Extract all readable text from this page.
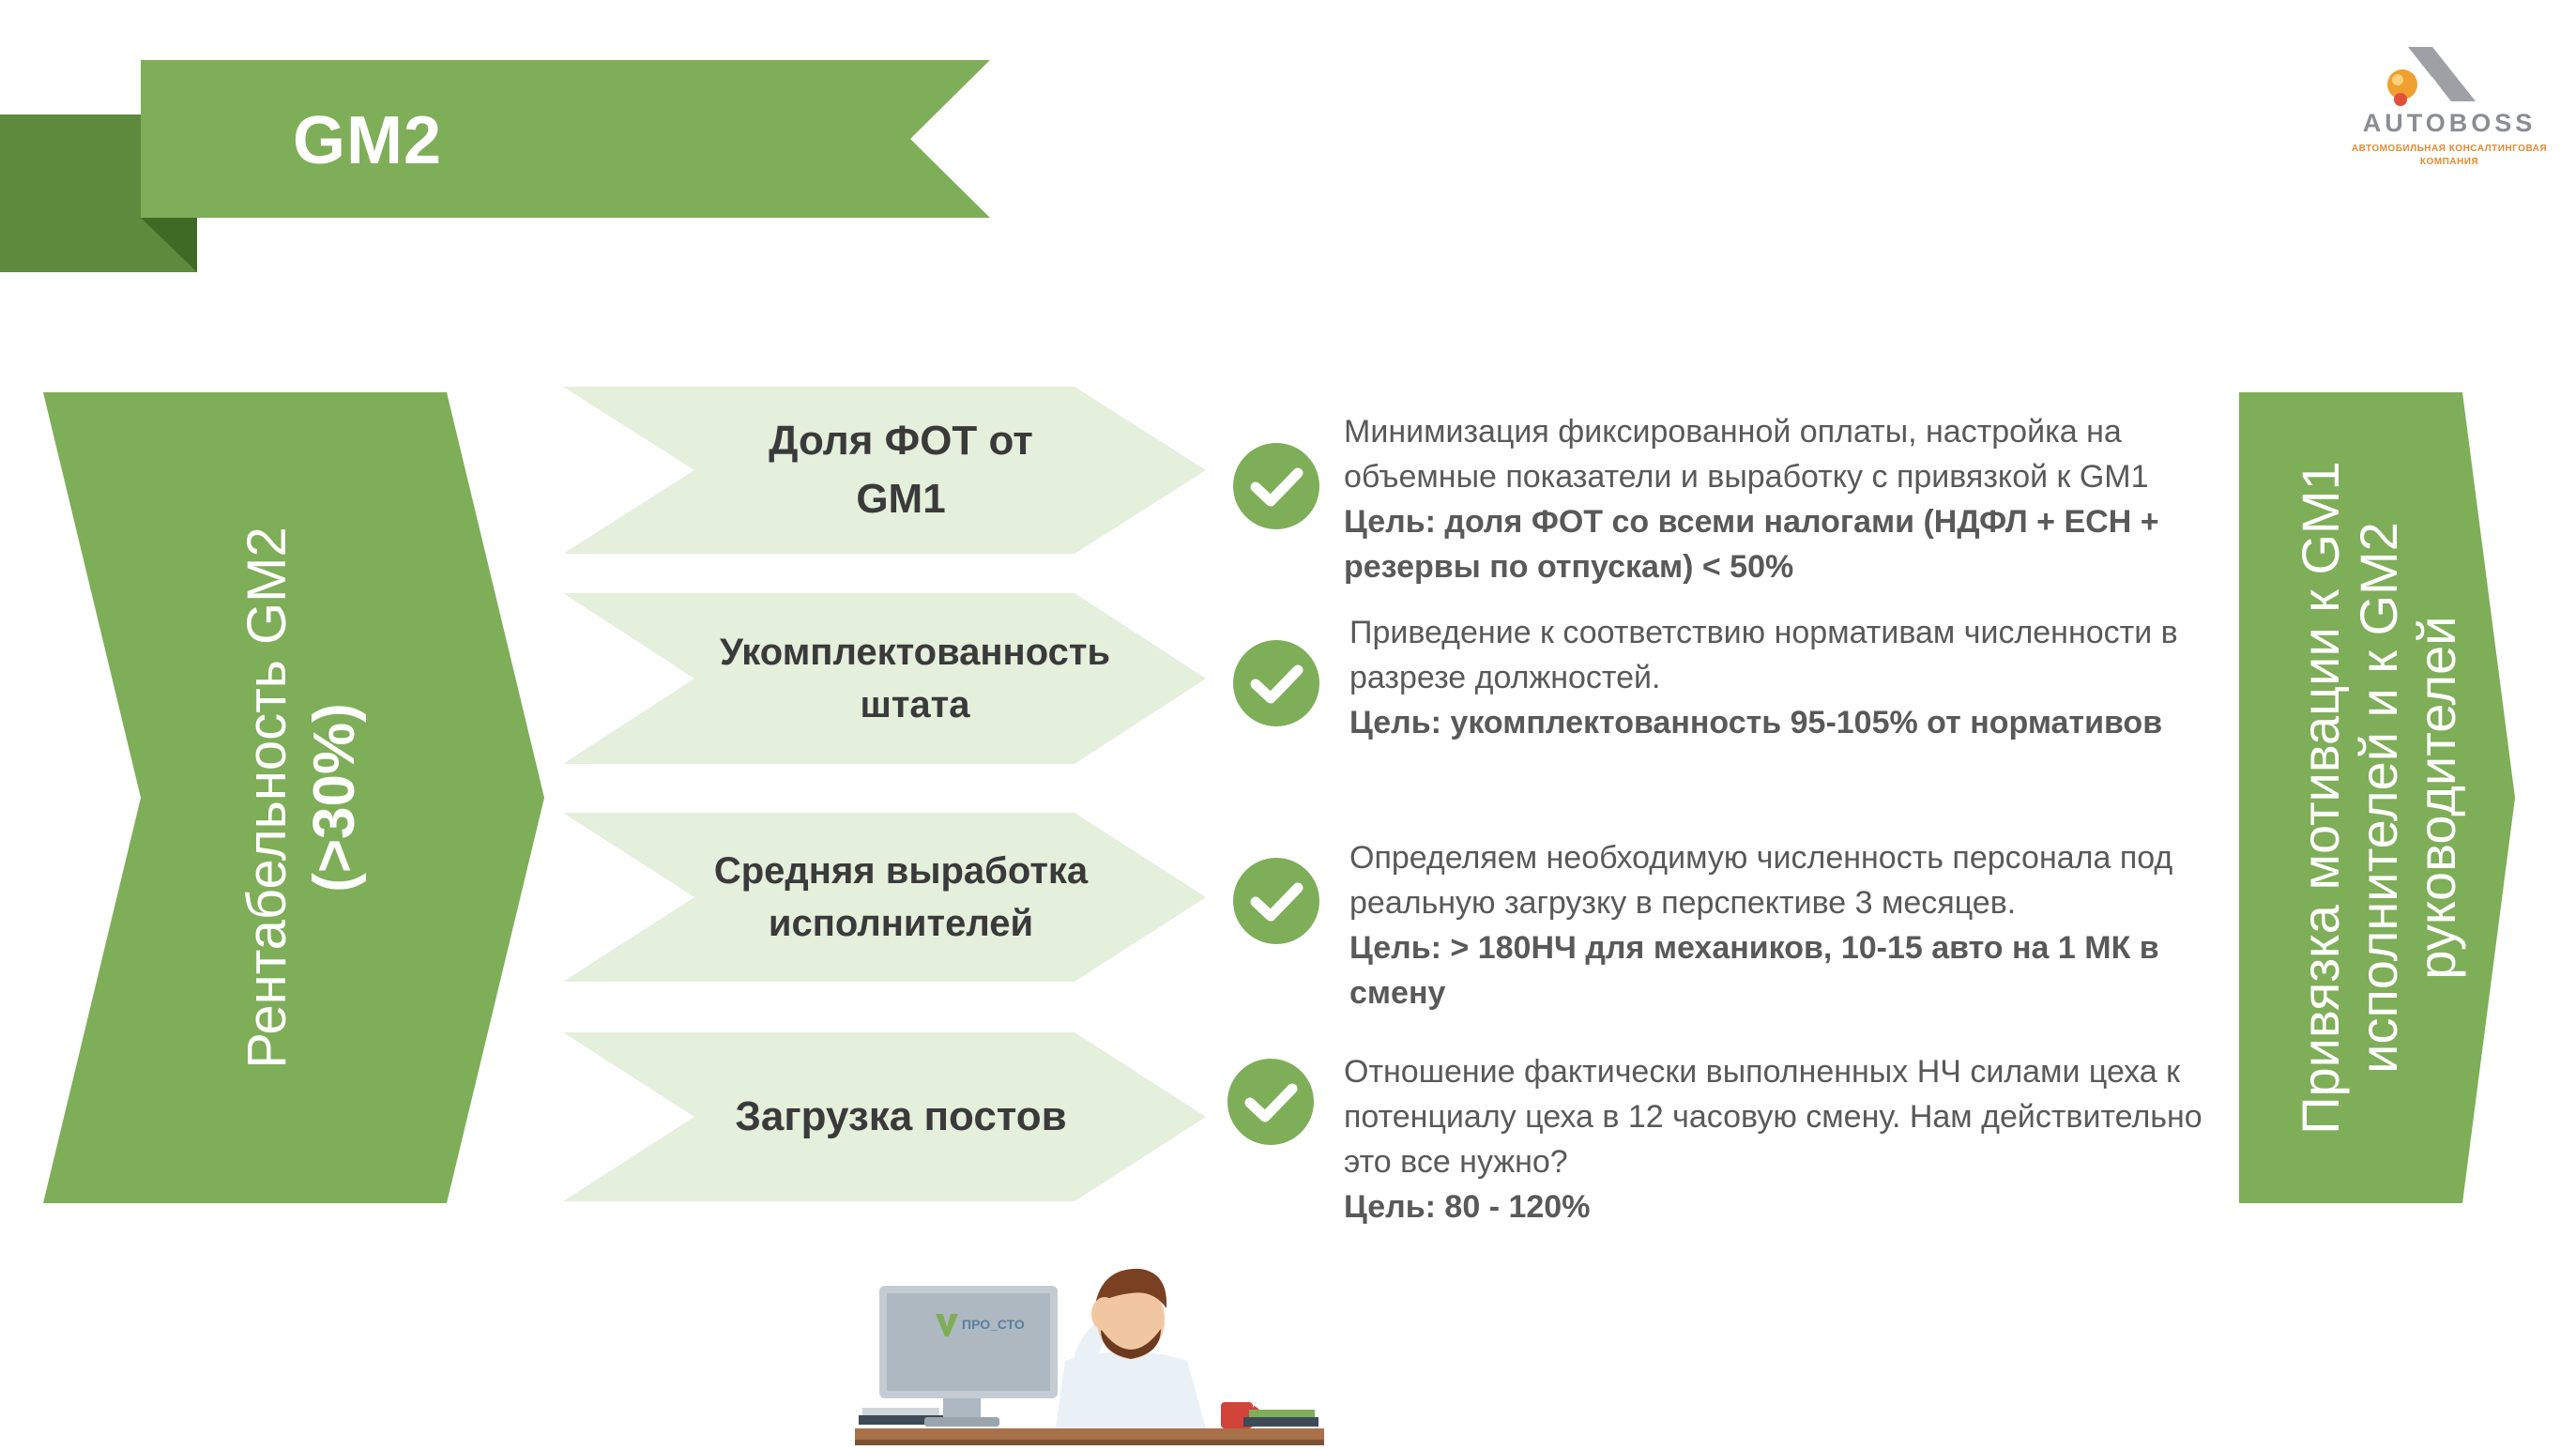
GM2	AUTOBOSS
АВТОМОБИЛЬНАЯ КОНСАЛТИНГОВАЯ
КОМПАНИЯ
Рентабельность GM2 (>30%)	Привязка мотивации к GM1 исполнителей и к GM2 руководителей
Доля ФОТ от
GM1
Минимизация фиксированной оплаты, настройка на
объемные показатели и выработку с привязкой к GM1
Цель: доля ФОТ со всеми налогами (НДФЛ + ЕСН +
резервы по отпускам) < 50%
Укомплектованность
штата
Приведение к соответствию нормативам численности в
разрезе должностей.
Цель: укомплектованность 95-105% от нормативов
Средняя выработка
исполнителей
Определяем необходимую численность персонала под
реальную загрузку в перспективе 3 месяцев.
Цель: > 180НЧ для механиков, 10-15 авто на 1 МК в
смену
Загрузка постов
Отношение фактически выполненных НЧ силами цеха к
потенциалу цеха в 12 часовую смену. Нам действительно
это все нужно?
Цель: 80 - 120%
ПРО_СТО
